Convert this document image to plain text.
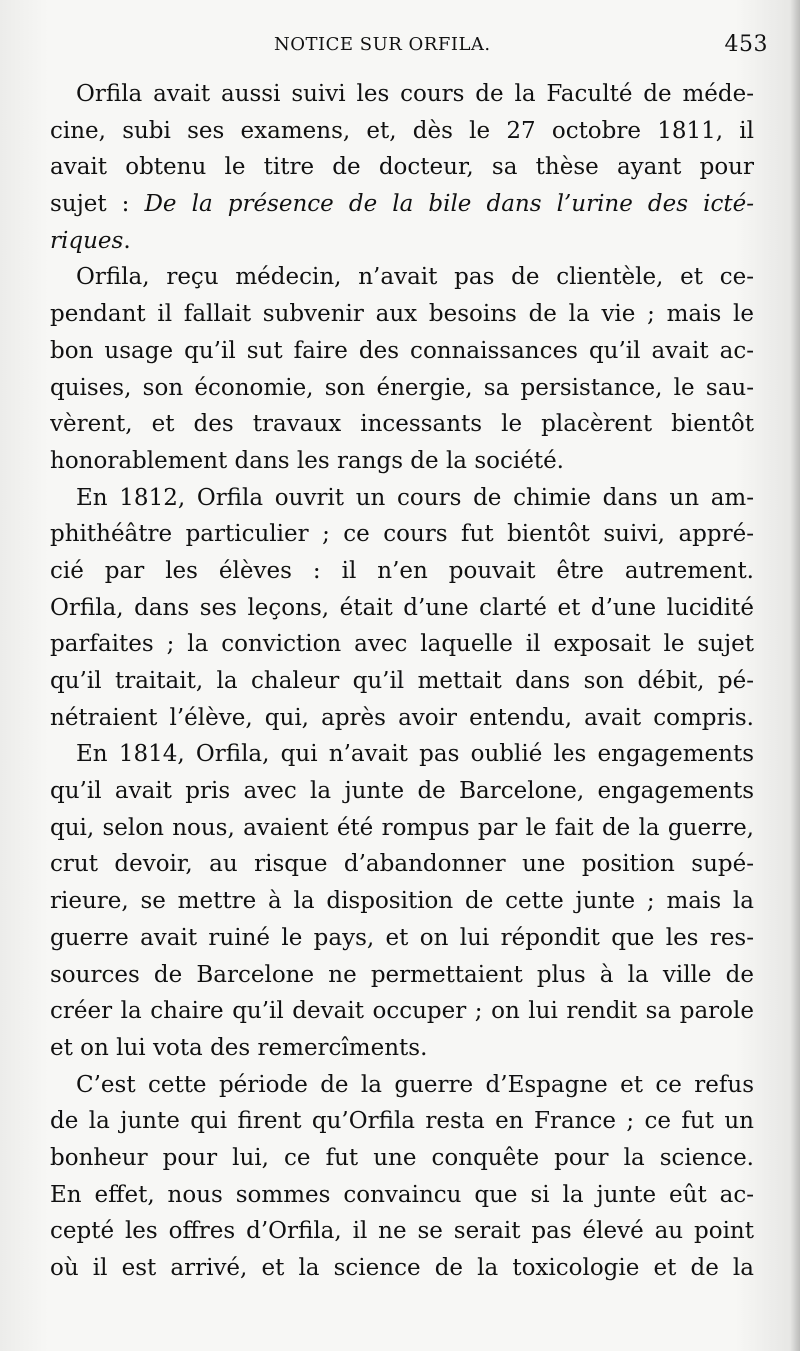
NOTICE SUR ORFILA.	453
Orfila avait aussi suivi les cours de la Faculté de méde-
cine, subi ses examens, et, dès le 27 octobre 1811, il
avait obtenu le titre de docteur, sa thèse ayant pour
sujet : De la présence de la bile dans l’urine des icté-
riques.
Orfila, reçu médecin, n’avait pas de clientèle, et ce-
pendant il fallait subvenir aux besoins de la vie ; mais le
bon usage qu’il sut faire des connaissances qu’il avait ac-
quises, son économie, son énergie, sa persistance, le sau-
vèrent, et des travaux incessants le placèrent bientôt
honorablement dans les rangs de la société.
En 1812, Orfila ouvrit un cours de chimie dans un am-
phithéâtre particulier ; ce cours fut bientôt suivi, appré-
cié par les élèves : il n’en pouvait être autrement.
Orfila, dans ses leçons, était d’une clarté et d’une lucidité
parfaites ; la conviction avec laquelle il exposait le sujet
qu’il traitait, la chaleur qu’il mettait dans son débit, pé-
nétraient l’élève, qui, après avoir entendu, avait compris.
En 1814, Orfila, qui n’avait pas oublié les engagements
qu’il avait pris avec la junte de Barcelone, engagements
qui, selon nous, avaient été rompus par le fait de la guerre,
crut devoir, au risque d’abandonner une position supé-
rieure, se mettre à la disposition de cette junte ; mais la
guerre avait ruiné le pays, et on lui répondit que les res-
sources de Barcelone ne permettaient plus à la ville de
créer la chaire qu’il devait occuper ; on lui rendit sa parole
et on lui vota des remercîments.
C’est cette période de la guerre d’Espagne et ce refus
de la junte qui firent qu’Orfila resta en France ; ce fut un
bonheur pour lui, ce fut une conquête pour la science.
En effet, nous sommes convaincu que si la junte eût ac-
cepté les offres d’Orfila, il ne se serait pas élevé au point
où il est arrivé, et la science de la toxicologie et de la
